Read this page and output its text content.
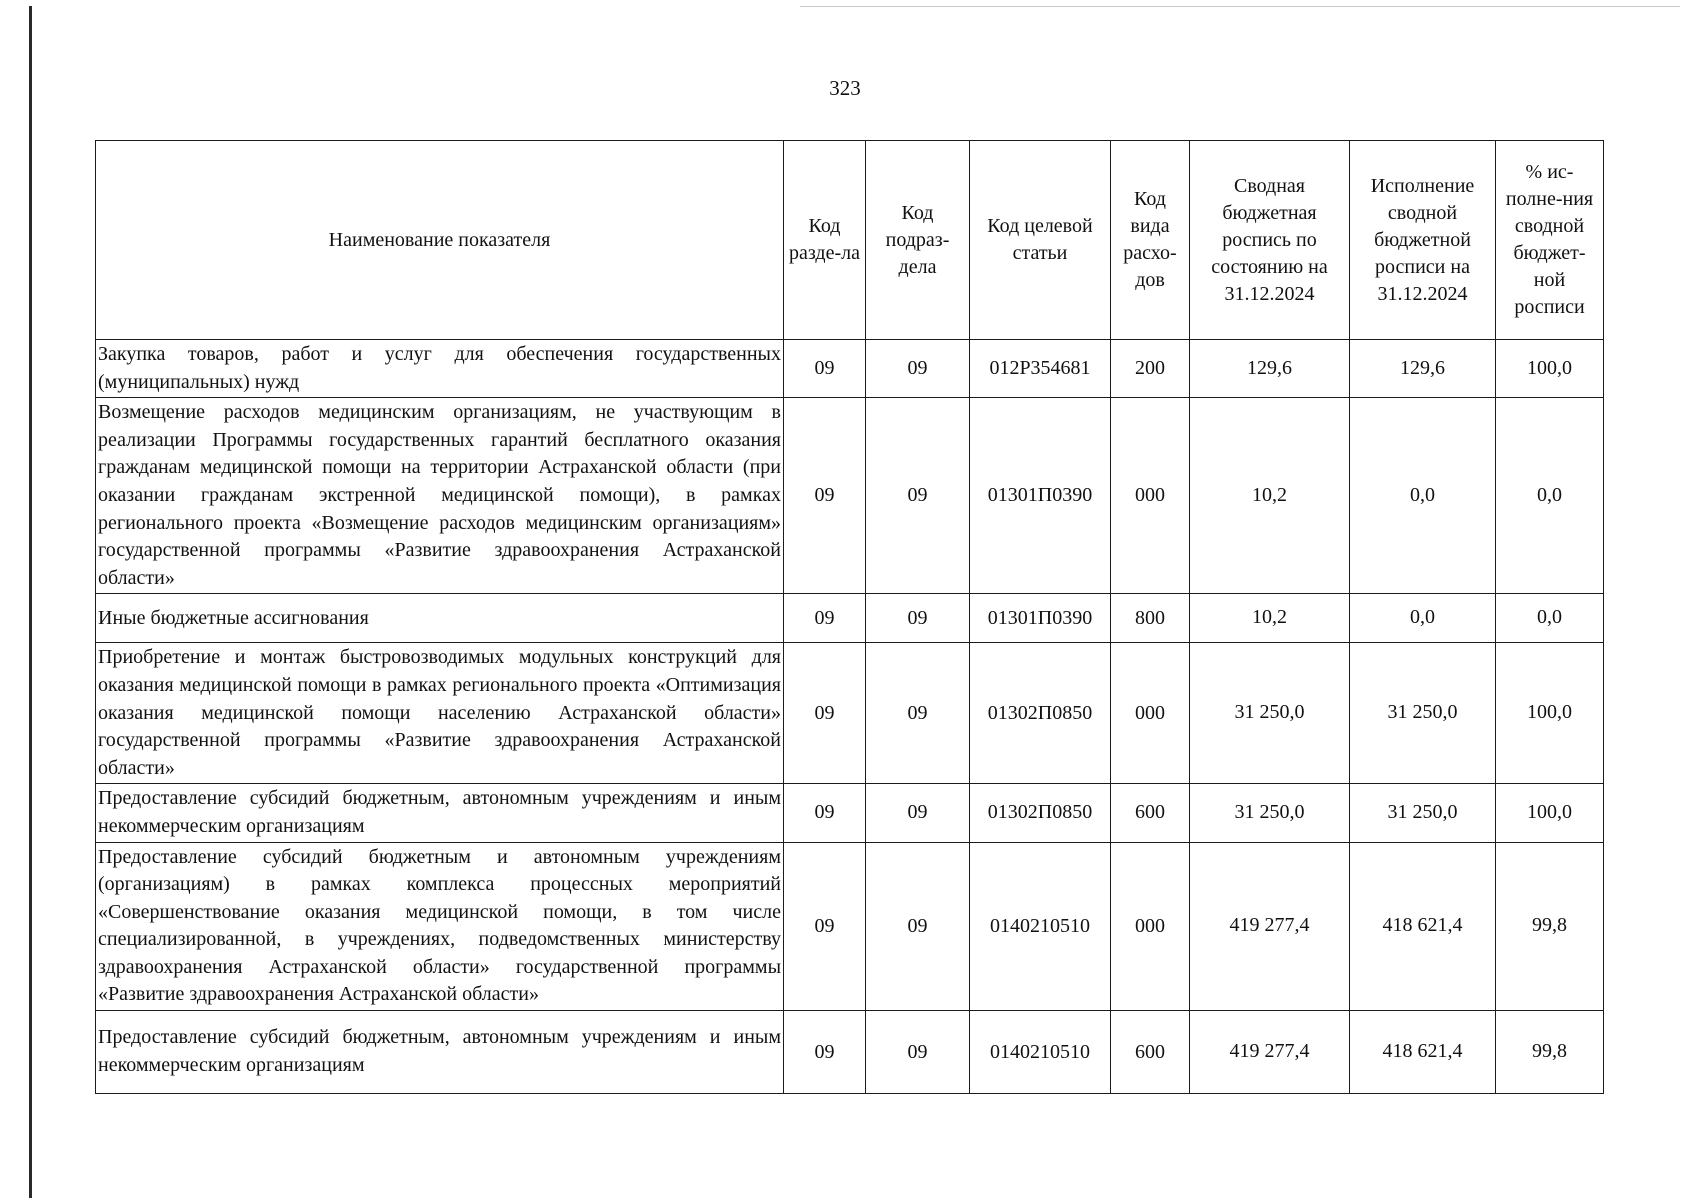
323
Наименование показателя	Код разде-ла	Код подраз-дела	Код целевой статьи	Код вида расхо-дов	Сводная бюджетная роспись по состоянию на 31.12.2024	Исполнение сводной бюджетной росписи на 31.12.2024	% ис-полне-ния сводной бюджет-ной росписи
Закупка товаров, работ и услуг для обеспечения государственных (муниципальных) нужд	09	09	012Р354681	200	129,6	129,6	100,0
Возмещение расходов медицинским организациям, не участвующим в реализации Программы государственных гарантий бесплатного оказания гражданам медицинской помощи на территории Астраханской области (при оказании гражданам экстренной медицинской помощи), в рамках регионального проекта «Возмещение расходов медицинским организациям» государственной программы «Развитие здравоохранения Астраханской области»	09	09	01301П0390	000	10,2	0,0	0,0
Иные бюджетные ассигнования	09	09	01301П0390	800	10,2	0,0	0,0
Приобретение и монтаж быстровозводимых модульных конструкций для оказания медицинской помощи в рамках регионального проекта «Оптимизация оказания медицинской помощи населению Астраханской области» государственной программы «Развитие здравоохранения Астраханской области»	09	09	01302П0850	000	31 250,0	31 250,0	100,0
Предоставление субсидий бюджетным, автономным учреждениям и иным некоммерческим организациям	09	09	01302П0850	600	31 250,0	31 250,0	100,0
Предоставление субсидий бюджетным и автономным учреждениям (организациям) в рамках комплекса процессных мероприятий «Совершенствование оказания медицинской помощи, в том числе специализированной, в учреждениях, подведомственных министерству здравоохранения Астраханской области» государственной программы «Развитие здравоохранения Астраханской области»	09	09	0140210510	000	419 277,4	418 621,4	99,8
Предоставление субсидий бюджетным, автономным учреждениям и иным некоммерческим организациям	09	09	0140210510	600	419 277,4	418 621,4	99,8
